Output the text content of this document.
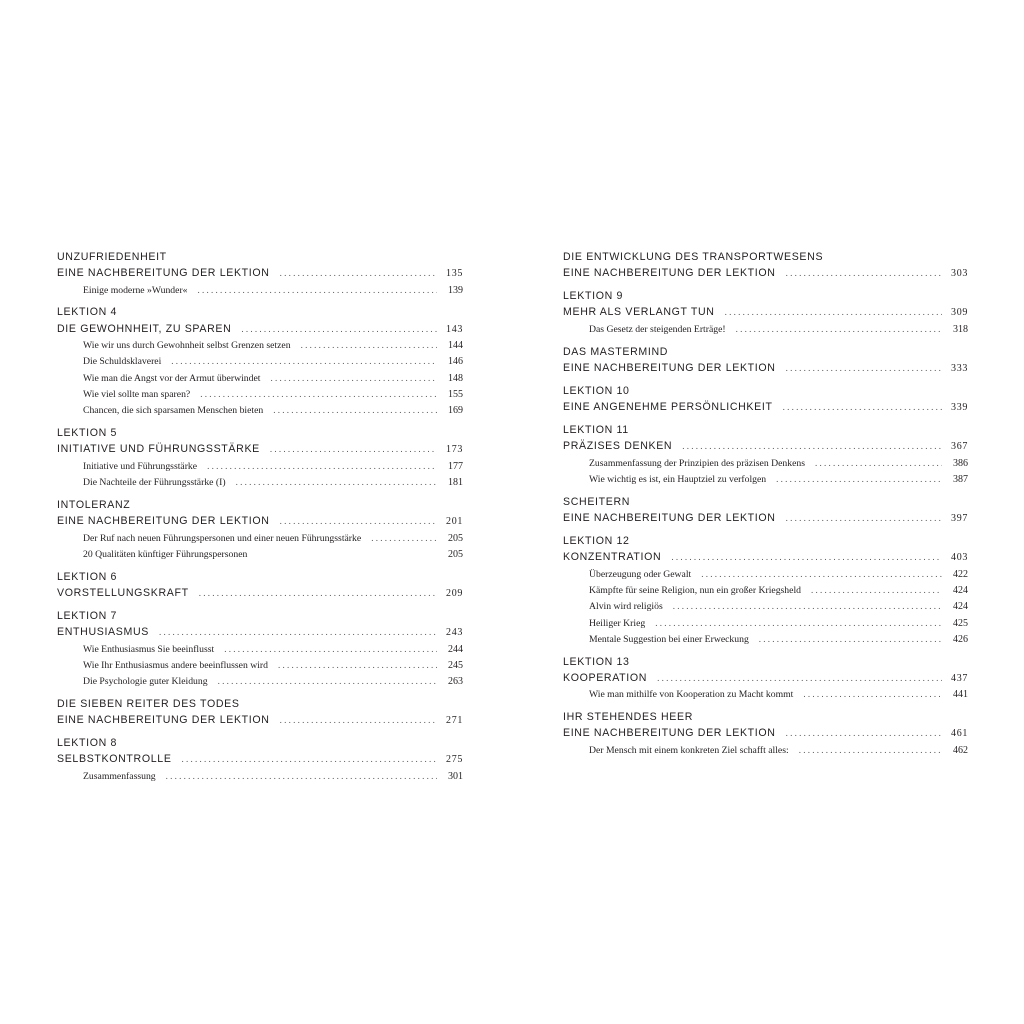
UNZUFRIEDENHEIT
EINE NACHBEREITUNG DER LEKTION . . .	135
Einige moderne »Wunder« . . .	139
LEKTION 4
DIE GEWOHNHEIT, ZU SPAREN . . .	143
Wie wir uns durch Gewohnheit selbst Grenzen setzen . . .	144
Die Schuldsklaverei . . .	146
Wie man die Angst vor der Armut überwindet . . .	148
Wie viel sollte man sparen? . . .	155
Chancen, die sich sparsamen Menschen bieten . . .	169
LEKTION 5
INITIATIVE UND FÜHRUNGSSTÄRKE . . .	173
Initiative und Führungsstärke . . .	177
Die Nachteile der Führungsstärke (I) . . .	181
INTOLERANZ
EINE NACHBEREITUNG DER LEKTION . . .	201
Der Ruf nach neuen Führungspersonen und einer neuen Führungsstärke . . .	205
20 Qualitäten künftiger Führungspersonen	205
LEKTION 6
VORSTELLUNGSKRAFT . . .	209
LEKTION 7
ENTHUSIASMUS . . .	243
Wie Enthusiasmus Sie beeinflusst . . .	244
Wie Ihr Enthusiasmus andere beeinflussen wird . . .	245
Die Psychologie guter Kleidung . . .	263
DIE SIEBEN REITER DES TODES
EINE NACHBEREITUNG DER LEKTION . . .	271
LEKTION 8
SELBSTKONTROLLE . . .	275
Zusammenfassung . . .	301
DIE ENTWICKLUNG DES TRANSPORTWESENS
EINE NACHBEREITUNG DER LEKTION . . .	303
LEKTION 9
MEHR ALS VERLANGT TUN . . .	309
Das Gesetz der steigenden Erträge! . . .	318
DAS MASTERMIND
EINE NACHBEREITUNG DER LEKTION . . .	333
LEKTION 10
EINE ANGENEHME PERSÖNLICHKEIT . . .	339
LEKTION 11
PRÄZISES DENKEN . . .	367
Zusammenfassung der Prinzipien des präzisen Denkens . . .	386
Wie wichtig es ist, ein Hauptziel zu verfolgen . . .	387
SCHEITERN
EINE NACHBEREITUNG DER LEKTION . . .	397
LEKTION 12
KONZENTRATION . . .	403
Überzeugung oder Gewalt . . .	422
Kämpfte für seine Religion, nun ein großer Kriegsheld . . .	424
Alvin wird religiös . . .	424
Heiliger Krieg . . .	425
Mentale Suggestion bei einer Erweckung . . .	426
LEKTION 13
KOOPERATION . . .	437
Wie man mithilfe von Kooperation zu Macht kommt . . .	441
IHR STEHENDES HEER
EINE NACHBEREITUNG DER LEKTION . . .	461
Der Mensch mit einem konkreten Ziel schafft alles: . . .	462
